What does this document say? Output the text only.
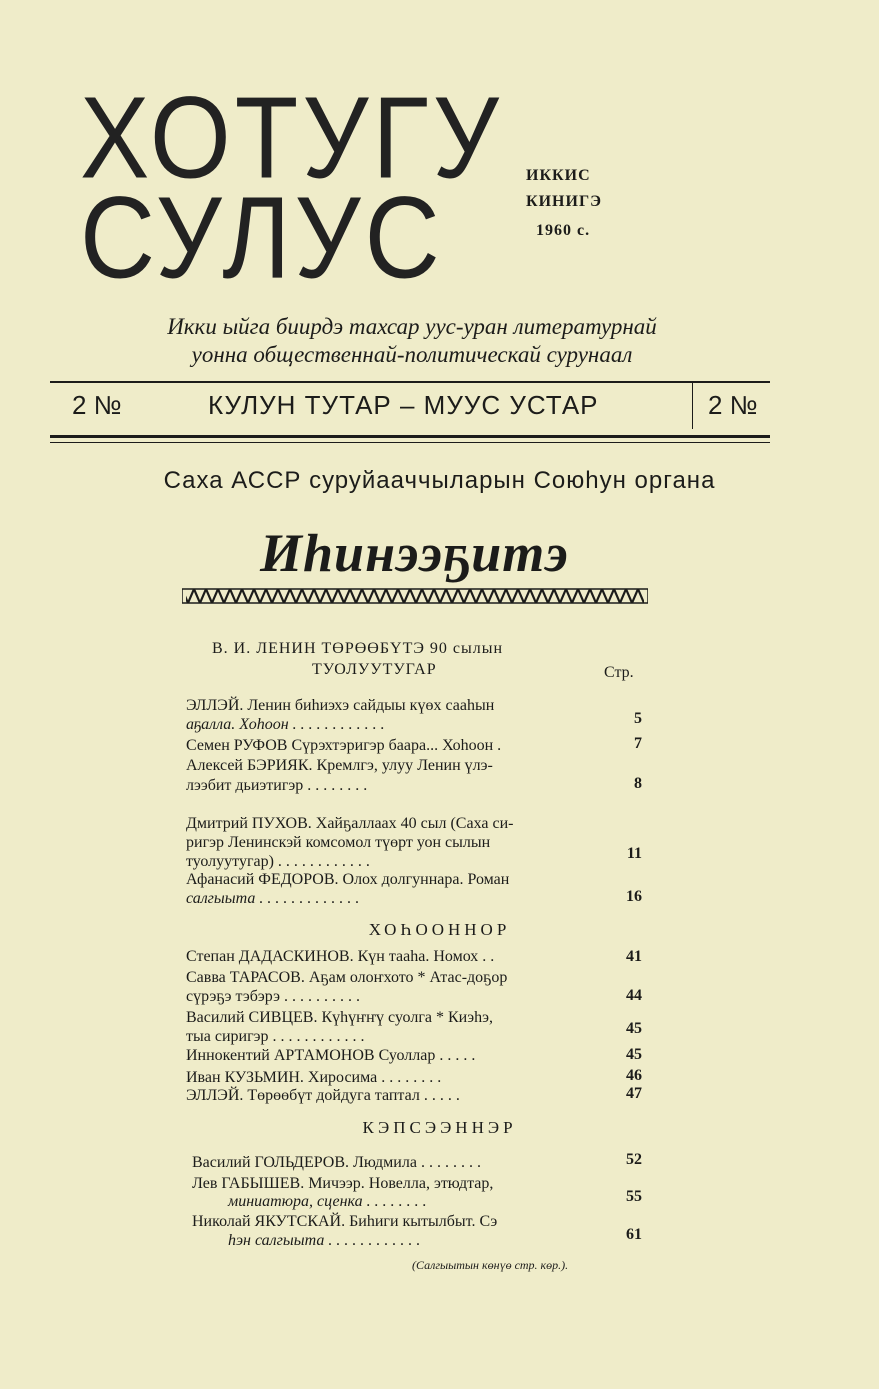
ХОТУГУ
СУЛУС	ИККИС
КИНИГЭ
1960 с.
Икки ыйга биирдэ тахсар уус-уран литературнай
уонна общественнай-политическай сурунаал
2 №	КУЛУН ТУТАР – МУУС УСТАР	2 №
Саха АССР суруйааччыларын Союһун органа
Иһинээҕитэ
В. И. ЛЕНИН ТӨРӨӨБҮТЭ 90 сылын
ТУОЛУУТУГАР	Стр.
ЭЛЛЭЙ. Ленин биһиэхэ сайдыы күөх сааһын
аҕалла. Хоһоон . . . . . . . . . . . .	5
Семен РУФОВ Сүрэхтэригэр баара... Хоһоон .	7
Алексей БЭРИЯК. Кремлгэ, улуу Ленин үлэ-
лээбит дьиэтигэр . . . . . . . .	8
Дмитрий ПУХОВ. Хайҕаллаах 40 сыл (Саха си-
ригэр Ленинскэй комсомол түөрт уон сылын
туолуутугар) . . . . . . . . . . . .	11
Афанасий ФЕДОРОВ. Олох долгуннара. Роман
салгыыта . . . . . . . . . . . . .	16
ХОҺООННОР
Степан ДАДАСКИНОВ. Күн тааһа. Номох . .	41
Савва ТАРАСОВ. Аҕам олоҥхото * Атас-доҕор
сүрэҕэ тэбэрэ . . . . . . . . . .	44
Василий СИВЦЕВ. Күһүҥҥү суолга * Киэһэ,
тыа сиригэр . . . . . . . . . . . .	45
Иннокентий АРТАМОНОВ Суоллар . . . . .	45
Иван КУЗЬМИН. Хиросима . . . . . . . .	46
ЭЛЛЭЙ. Төрөөбүт дойдуга таптал . . . . .	47
КЭПСЭЭННЭР
Василий ГОЛЬДЕРОВ. Людмила . . . . . . . .	52
Лев ГАБЫШЕВ. Мичээр. Новелла, этюдтар,
миниатюра, сценка . . . . . . . .	55
Николай ЯКУТСКАЙ. Биһиги кытылбыт. Сэ
һэн салгыыта . . . . . . . . . . . .	61
(Салгыытын көнүө стр. көр.).
